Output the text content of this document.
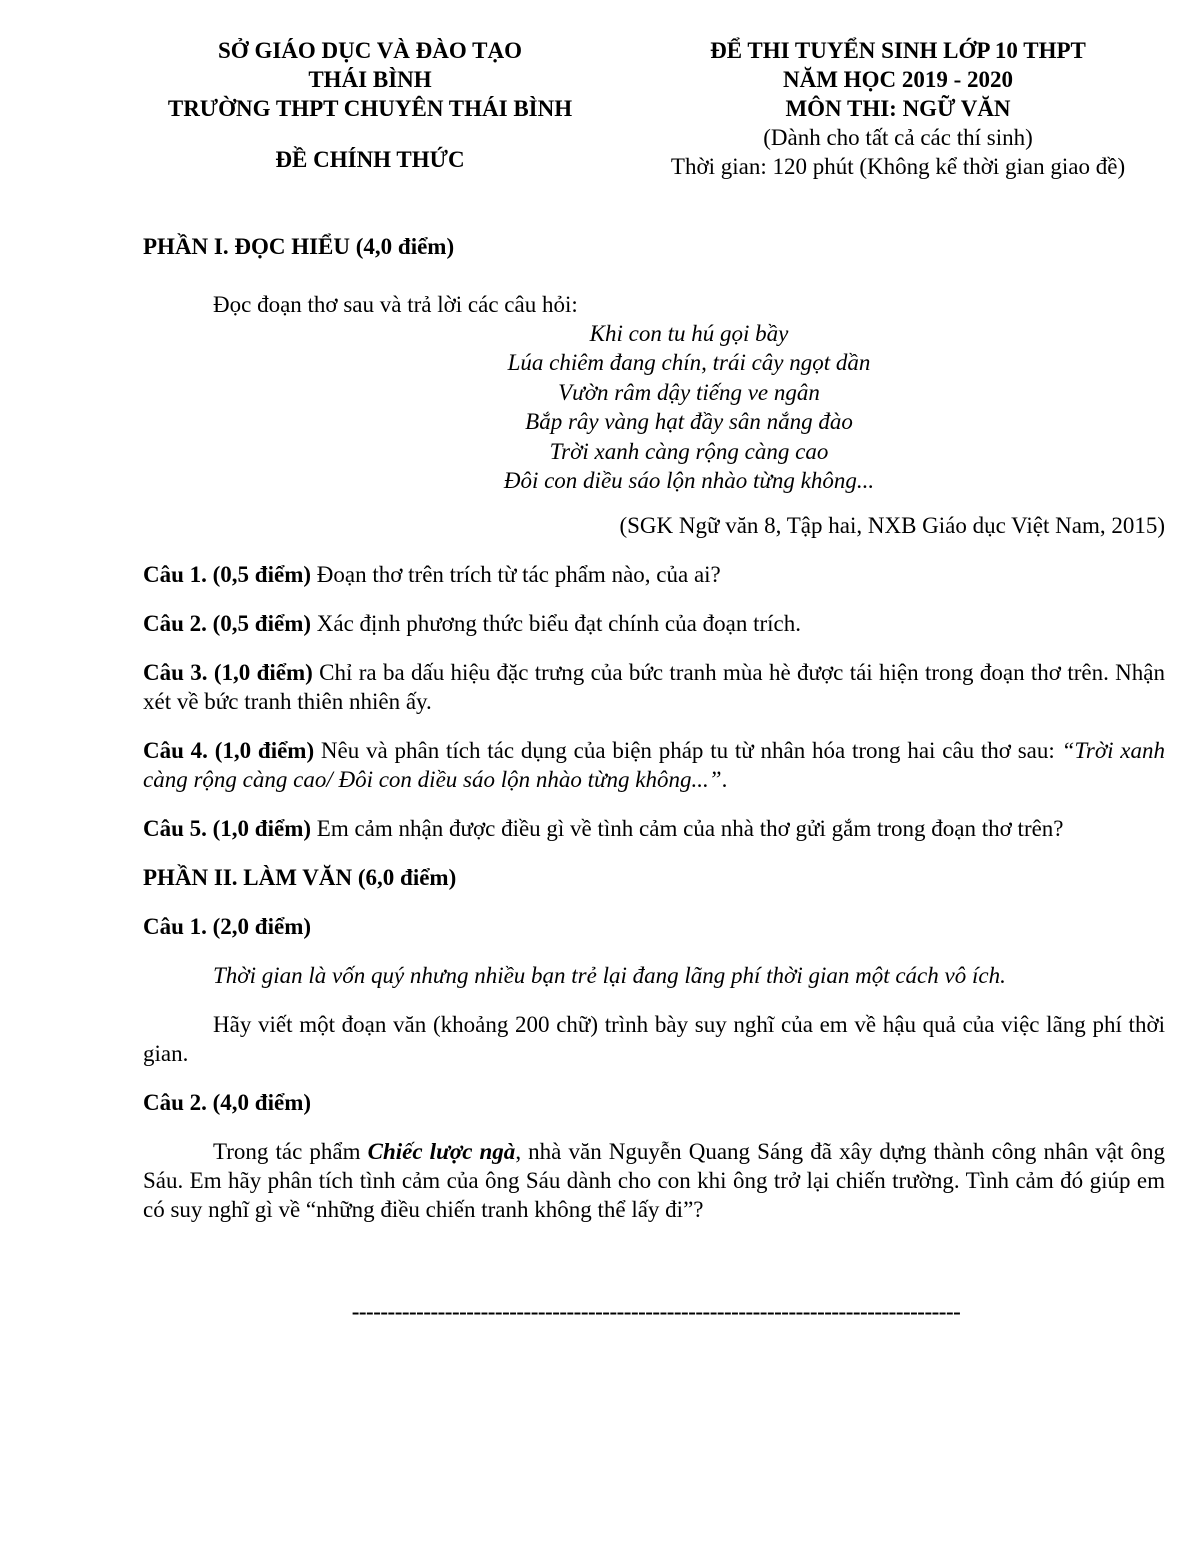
SỞ GIÁO DỤC VÀ ĐÀO TẠO
THÁI BÌNH
TRƯỜNG THPT CHUYÊN THÁI BÌNH
ĐỀ CHÍNH THỨC
ĐỂ THI TUYỂN SINH LỚP 10 THPT
NĂM HỌC 2019 - 2020
MÔN THI: NGỮ VĂN
(Dành cho tất cả các thí sinh)
Thời gian: 120 phút (Không kể thời gian giao đề)
PHẦN I. ĐỌC HIỂU (4,0 điểm)
Đọc đoạn thơ sau và trả lời các câu hỏi:
Khi con tu hú gọi bầy
Lúa chiêm đang chín, trái cây ngọt dần
Vườn râm dậy tiếng ve ngân
Bắp rây vàng hạt đầy sân nắng đào
Trời xanh càng rộng càng cao
Đôi con diều sáo lộn nhào từng không...
(SGK Ngữ văn 8, Tập hai, NXB Giáo dục Việt Nam, 2015)
Câu 1. (0,5 điểm) Đoạn thơ trên trích từ tác phẩm nào, của ai?
Câu 2. (0,5 điểm) Xác định phương thức biểu đạt chính của đoạn trích.
Câu 3. (1,0 điểm) Chỉ ra ba dấu hiệu đặc trưng của bức tranh mùa hè được tái hiện trong đoạn thơ trên. Nhận xét về bức tranh thiên nhiên ấy.
Câu 4. (1,0 điểm) Nêu và phân tích tác dụng của biện pháp tu từ nhân hóa trong hai câu thơ sau: “Trời xanh càng rộng càng cao/ Đôi con diều sáo lộn nhào từng không...”.
Câu 5. (1,0 điểm) Em cảm nhận được điều gì về tình cảm của nhà thơ gửi gắm trong đoạn thơ trên?
PHẦN II. LÀM VĂN (6,0 điểm)
Câu 1. (2,0 điểm)
Thời gian là vốn quý nhưng nhiều bạn trẻ lại đang lãng phí thời gian một cách vô ích.
Hãy viết một đoạn văn (khoảng 200 chữ) trình bày suy nghĩ của em về hậu quả của việc lãng phí thời gian.
Câu 2. (4,0 điểm)
Trong tác phẩm Chiếc lược ngà, nhà văn Nguyễn Quang Sáng đã xây dựng thành công nhân vật ông Sáu. Em hãy phân tích tình cảm của ông Sáu dành cho con khi ông trở lại chiến trường. Tình cảm đó giúp em có suy nghĩ gì về “những điều chiến tranh không thể lấy đi”?
-------------------------------------------------------------------------------------
